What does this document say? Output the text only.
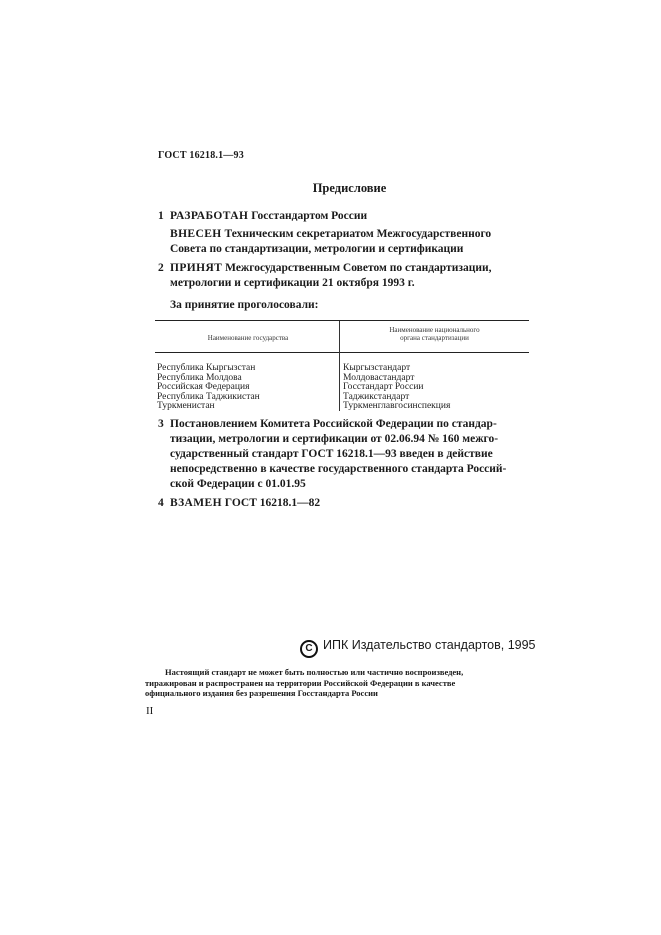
ГОСТ 16218.1—93
Предисловие
1 РАЗРАБОТАН Госстандартом России
ВНЕСЕН Техническим секретариатом Межгосударственного
Совета по стандартизации, метрологии и сертификации
2 ПРИНЯТ Межгосударственным Советом по стандартизации,
метрологии и сертификации 21 октября 1993 г.
За принятие проголосовали:
Наименование государства
Наименование национального
органа стандартизации
Республика Кыргызстан
Республика Молдова
Российская Федерация
Республика Таджикистан
Туркменистан
Кыргызстандарт
Молдовастандарт
Госстандарт России
Таджикстандарт
Туркменглавгосинспекция
3 Постановлением Комитета Российской Федерации по стандар-
тизации, метрологии и сертификации от 02.06.94 № 160 межго-
сударственный стандарт ГОСТ 16218.1—93 введен в действие
непосредственно в качестве государственного стандарта Россий-
ской Федерации с 01.01.95
4 ВЗАМЕН ГОСТ 16218.1—82
С ИПК Издательство стандартов, 1995
Настоящий стандарт не может быть полностью или частично воспроизведен,
тиражирован и распространен на территории Российской Федерации в качестве
официального издания без разрешения Госстандарта России
II
